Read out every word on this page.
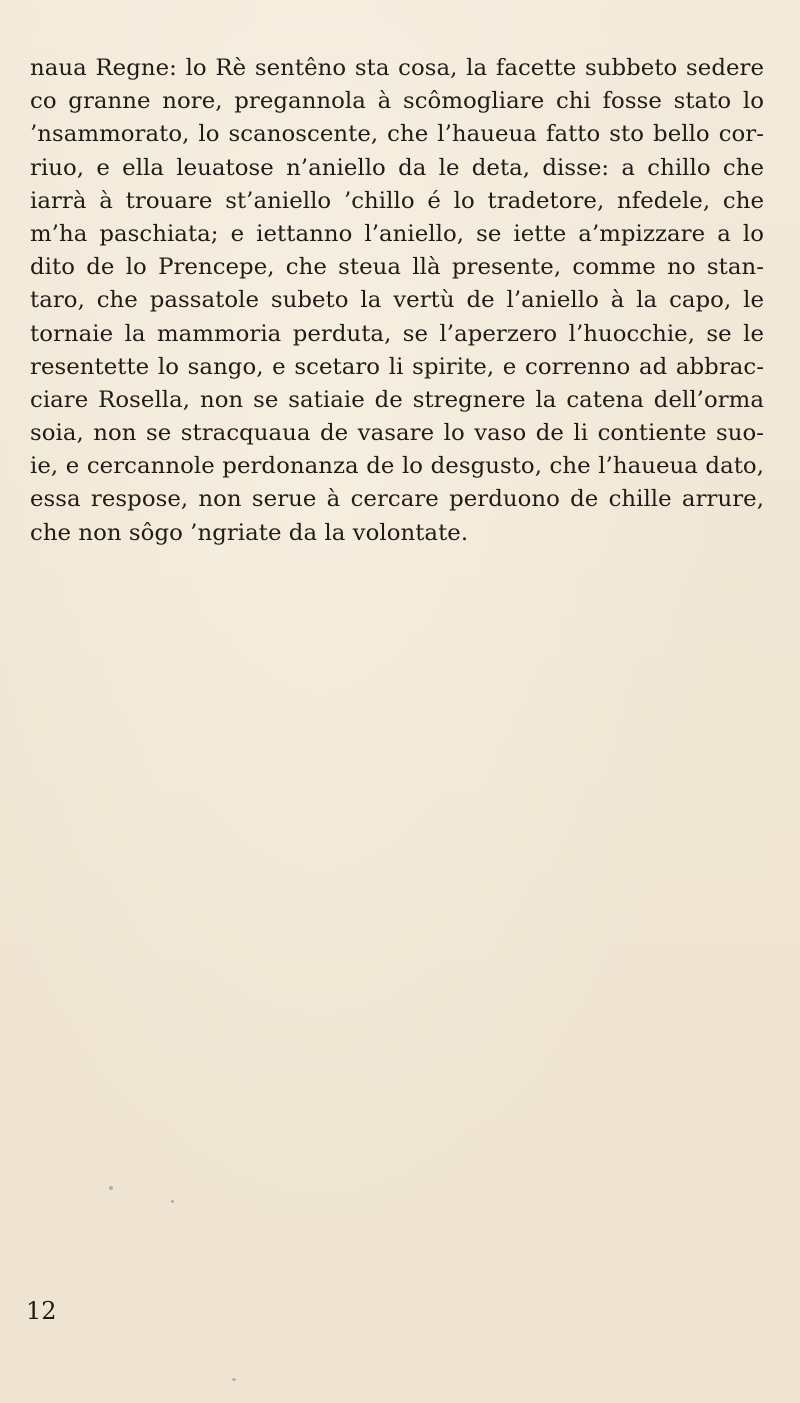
naua Regne: lo Rè sentêno sta cosa, la facette subbeto sedere
co granne nore, pregannola à scômogliare chi fosse stato lo
’nsammorato, lo scanoscente, che l’haueua fatto sto bello cor-
riuo, e ella leuatose n’aniello da le deta, disse: a chillo che
iarrà à trouare st’aniello ’chillo é lo tradetore, nfedele, che
m’ha paschiata; e iettanno l’aniello, se iette a’mpizzare a lo
dito de lo Prencepe, che steua llà presente, comme no stan-
taro, che passatole subeto la vertù de l’aniello à la capo, le
tornaie la mammoria perduta, se l’aperzero l’huocchie, se le
resentette lo sango, e scetaro li spirite, e correnno ad abbrac-
ciare Rosella, non se satiaie de stregnere la catena dell’orma
soia, non se stracquaua de vasare lo vaso de li contiente suo-
ie, e cercannole perdonanza de lo desgusto, che l’haueua dato,
essa respose, non serue à cercare perduono de chille arrure,
che non sôgo ’ngriate da la volontate.
12
